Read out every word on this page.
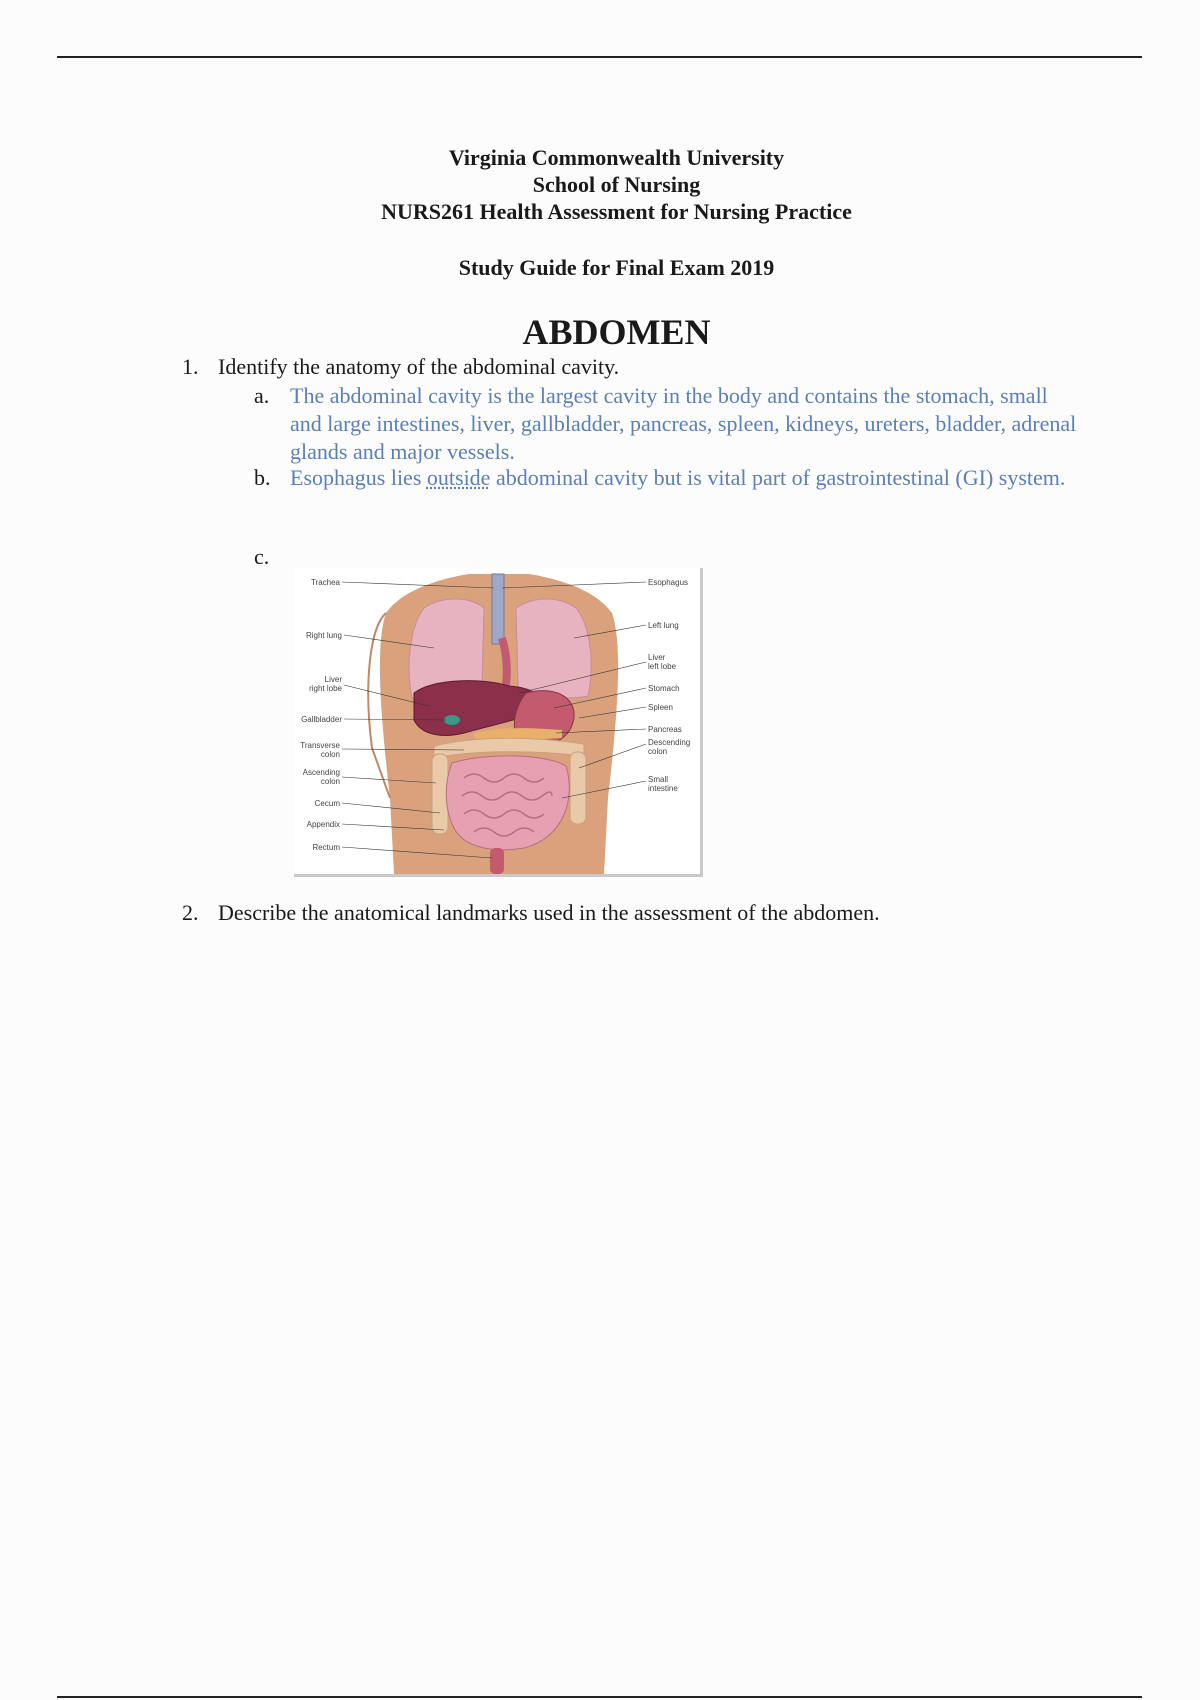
Virginia Commonwealth University
School of Nursing
NURS261 Health Assessment for Nursing Practice
Study Guide for Final Exam 2019
ABDOMEN
1. Identify the anatomy of the abdominal cavity.
a. The abdominal cavity is the largest cavity in the body and contains the stomach, small and large intestines, liver, gallbladder, pancreas, spleen, kidneys, ureters, bladder, adrenal glands and major vessels.
b. Esophagus lies outside abdominal cavity but is vital part of gastrointestinal (GI) system.
c.
Trachea
Right lung
Liver
right lobe
Gallbladder
Transverse
colon
Ascending
colon
Cecum
Appendix
Rectum
Esophagus
Left lung
Liver
left lobe
Stomach
Spleen
Pancreas
Descending
colon
Small
intestine
2. Describe the anatomical landmarks used in the assessment of the abdomen.
